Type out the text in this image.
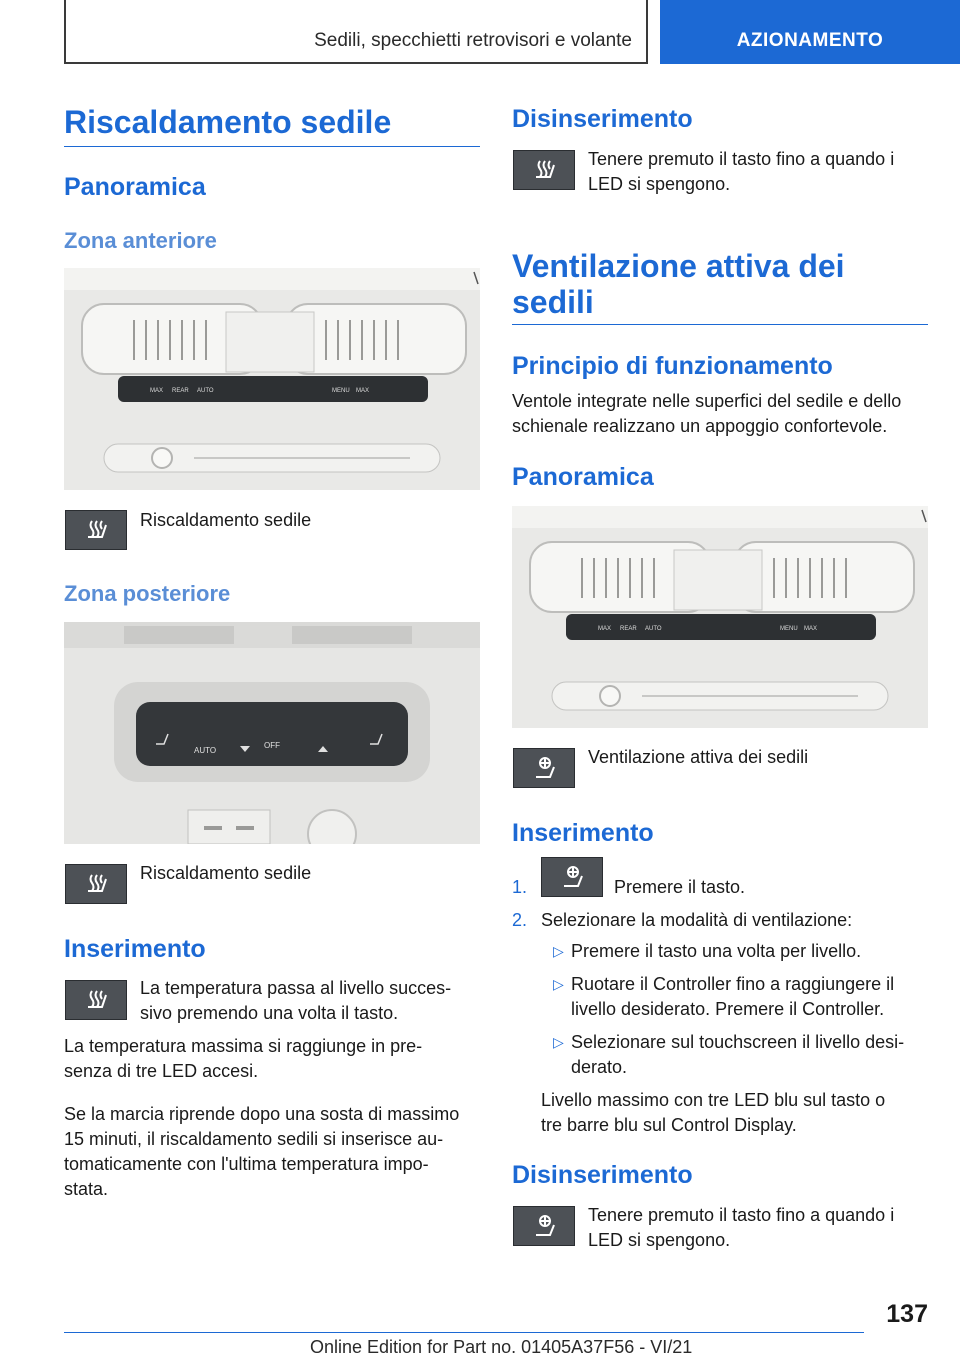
Sedili, specchietti retrovisori e volante	AZIONAMENTO
Riscaldamento sedile
Panoramica
Zona anteriore
MAX REAR AUTO	MENU MAX
Riscaldamento sedile
Zona posteriore
AUTO
OFF
Riscaldamento sedile
Inserimento
La temperatura passa al livello succes-
sivo premendo una volta il tasto.
La temperatura massima si raggiunge in pre-
senza di tre LED accesi.
Se la marcia riprende dopo una sosta di massimo
15 minuti, il riscaldamento sedili si inserisce au-
tomaticamente con l'ultima temperatura impo-
stata.
Disinserimento
Tenere premuto il tasto fino a quando i
LED si spengono.
Ventilazione attiva dei
sedili
Principio di funzionamento
Ventole integrate nelle superfici del sedile e dello
schienale realizzano un appoggio confortevole.
Panoramica
MAX REAR AUTO	MENU MAX
Ventilazione attiva dei sedili
Inserimento
1.	Premere il tasto.
2. Selezionare la modalità di ventilazione:
▷ Premere il tasto una volta per livello.
▷ Ruotare il Controller fino a raggiungere il
livello desiderato. Premere il Controller.
▷ Selezionare sul touchscreen il livello desi-
derato.
Livello massimo con tre LED blu sul tasto o
tre barre blu sul Control Display.
Disinserimento
Tenere premuto il tasto fino a quando i
LED si spengono.
137
Online Edition for Part no. 01405A37F56 - VI/21
